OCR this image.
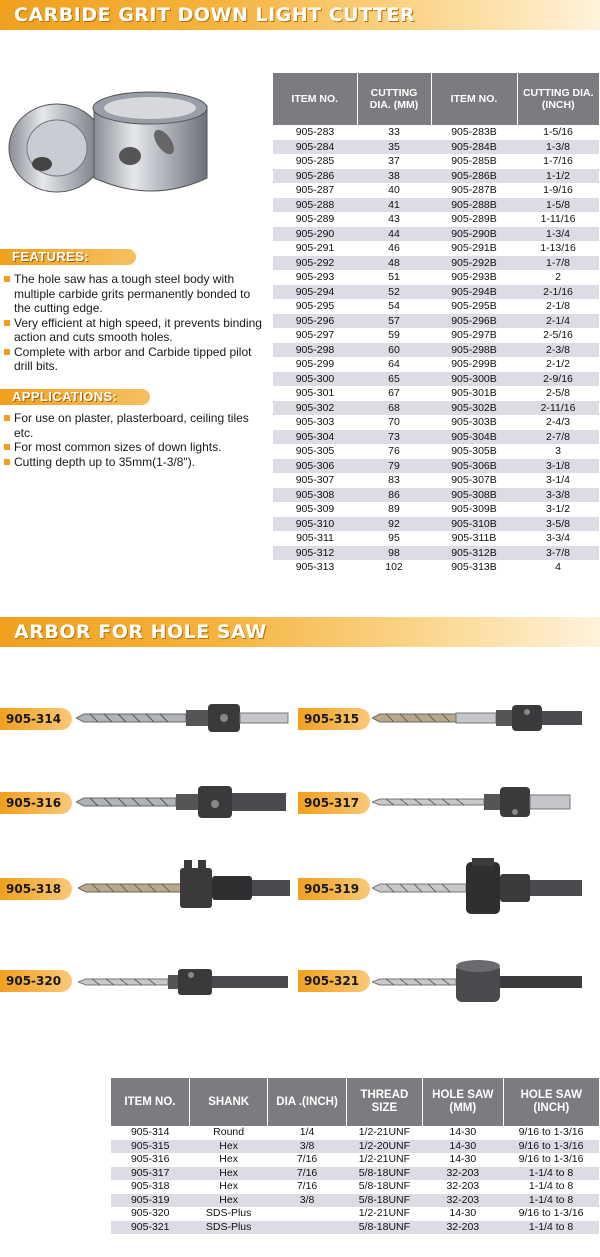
CARBIDE GRIT DOWN LIGHT CUTTER
ITEM NO.	CUTTING DIA. (MM)	ITEM NO.	CUTTING DIA. (INCH)
905-283	33	905-283B	1-5/16
905-284	35	905-284B	1-3/8
905-285	37	905-285B	1-7/16
905-286	38	905-286B	1-1/2
905-287	40	905-287B	1-9/16
905-288	41	905-288B	1-5/8
905-289	43	905-289B	1-11/16
905-290	44	905-290B	1-3/4
905-291	46	905-291B	1-13/16
905-292	48	905-292B	1-7/8
905-293	51	905-293B	2
905-294	52	905-294B	2-1/16
905-295	54	905-295B	2-1/8
905-296	57	905-296B	2-1/4
905-297	59	905-297B	2-5/16
905-298	60	905-298B	2-3/8
905-299	64	905-299B	2-1/2
905-300	65	905-300B	2-9/16
905-301	67	905-301B	2-5/8
905-302	68	905-302B	2-11/16
905-303	70	905-303B	2-4/3
905-304	73	905-304B	2-7/8
905-305	76	905-305B	3
905-306	79	905-306B	3-1/8
905-307	83	905-307B	3-1/4
905-308	86	905-308B	3-3/8
905-309	89	905-309B	3-1/2
905-310	92	905-310B	3-5/8
905-311	95	905-311B	3-3/4
905-312	98	905-312B	3-7/8
905-313	102	905-313B	4
FEATURES:
The hole saw has a tough steel body with multiple carbide grits permanently bonded to the cutting edge.
Very efficient at high speed, it prevents binding action and cuts smooth holes.
Complete with arbor and Carbide tipped pilot drill bits.
APPLICATIONS:
For use on plaster, plasterboard, ceiling tiles etc.
For most common sizes of down lights.
Cutting depth up to 35mm(1-3/8").
ARBOR FOR HOLE SAW
905-314	905-315
905-316	905-317
905-318	905-319
905-320	905-321
ITEM NO.	SHANK	DIA .(INCH)	THREAD SIZE	HOLE SAW (MM)	HOLE SAW (INCH)
905-314	Round	1/4	1/2-21UNF	14-30	9/16 to 1-3/16
905-315	Hex	3/8	1/2-20UNF	14-30	9/16 to 1-3/16
905-316	Hex	7/16	1/2-21UNF	14-30	9/16 to 1-3/16
905-317	Hex	7/16	5/8-18UNF	32-203	1-1/4 to 8
905-318	Hex	7/16	5/8-18UNF	32-203	1-1/4 to 8
905-319	Hex	3/8	5/8-18UNF	32-203	1-1/4 to 8
905-320	SDS-Plus		1/2-21UNF	14-30	9/16 to 1-3/16
905-321	SDS-Plus		5/8-18UNF	32-203	1-1/4 to 8
